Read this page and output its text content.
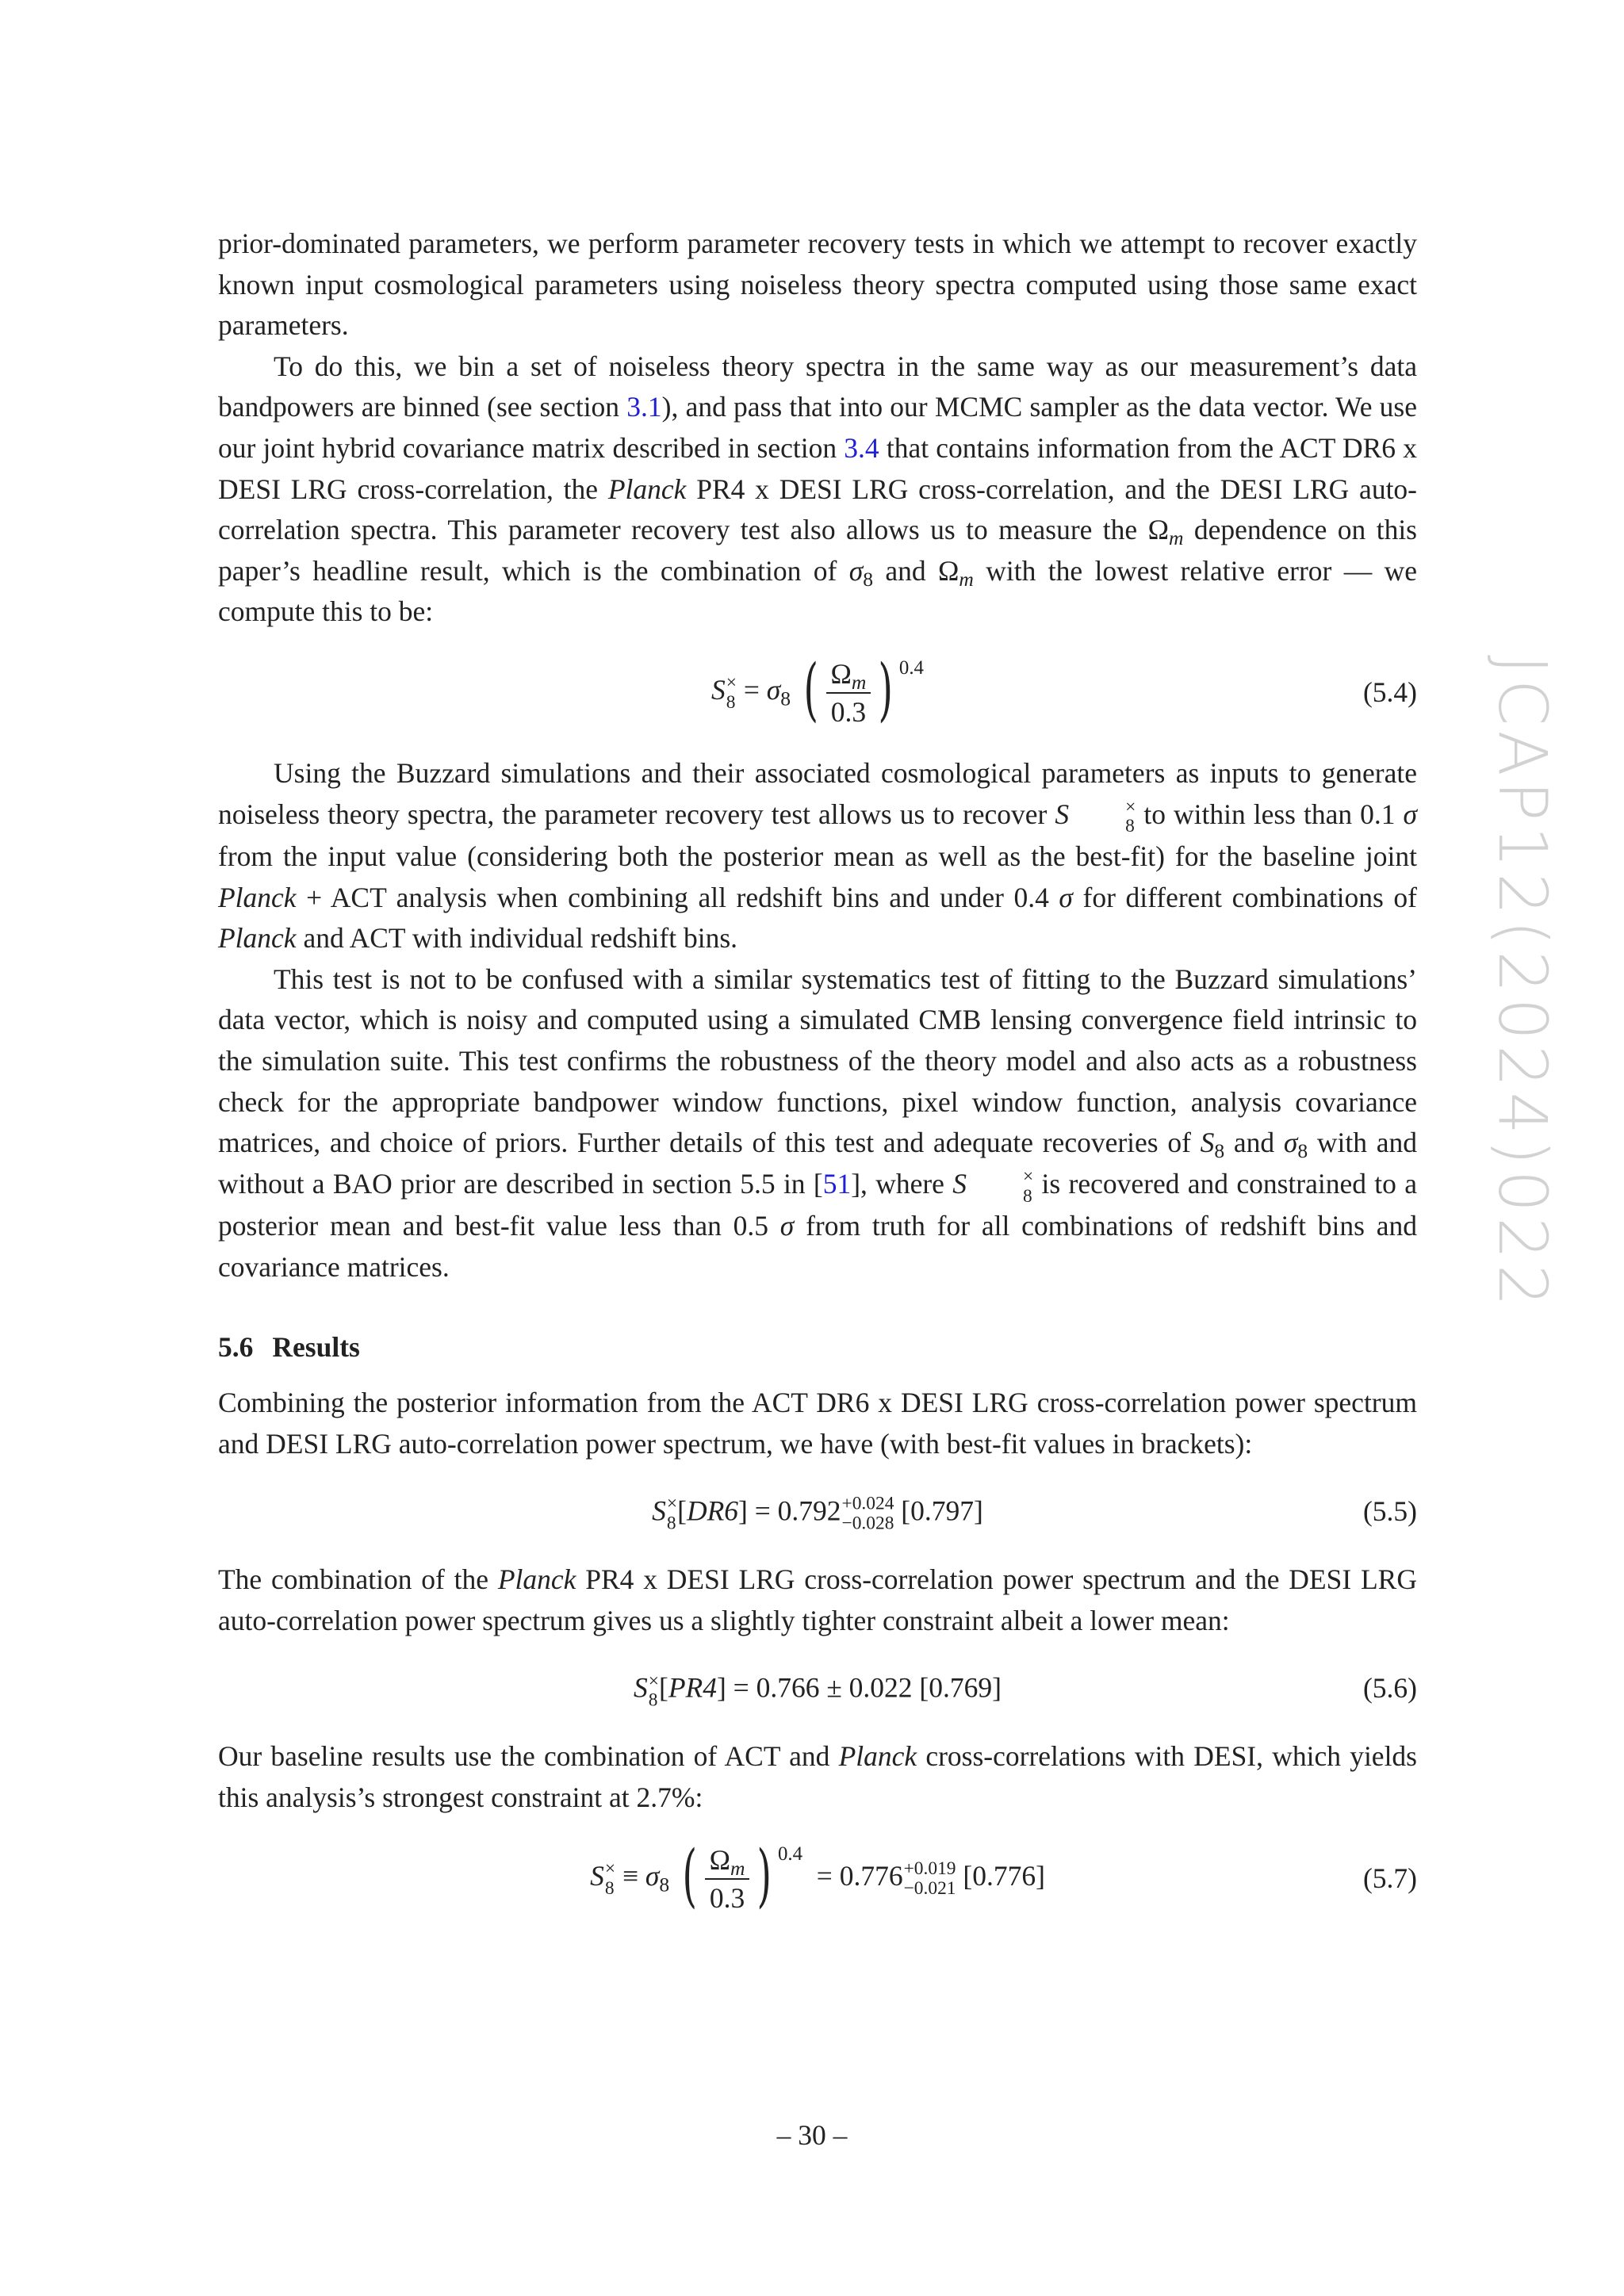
prior-dominated parameters, we perform parameter recovery tests in which we attempt to recover exactly known input cosmological parameters using noiseless theory spectra computed using those same exact parameters.

To do this, we bin a set of noiseless theory spectra in the same way as our measurement’s data bandpowers are binned (see section 3.1), and pass that into our MCMC sampler as the data vector. We use our joint hybrid covariance matrix described in section 3.4 that contains information from the ACT DR6 x DESI LRG cross-correlation, the Planck PR4 x DESI LRG cross-correlation, and the DESI LRG auto-correlation spectra. This parameter recovery test also allows us to measure the $\Omega_m$ dependence on this paper’s headline result, which is the combination of $\sigma_8$ and $\Omega_m$ with the lowest relative error — we compute this to be:

S ×
$8 = \sigma_8$ ( $\frac{\Omega_m}{0.3}$ ) $^{0.4}$
(5.4)

Using the Buzzard simulations and their associated cosmological parameters as inputs to generate noiseless theory spectra, the parameter recovery test allows us to recover S	×
8 to within less than 0.1 σ from the input value (considering both the posterior mean as well as the best-fit) for the baseline joint Planck + ACT analysis when combining all redshift bins and under 0.4 σ for different combinations of Planck and ACT with individual redshift bins.

This test is not to be confused with a similar systematics test of fitting to the Buzzard simulations’ data vector, which is noisy and computed using a simulated CMB lensing convergence field intrinsic to the simulation suite. This test confirms the robustness of the theory model and also acts as a robustness check for the appropriate bandpower window functions, pixel window function, analysis covariance matrices, and choice of priors. Further details of this test and adequate recoveries of $S_8$ and $\sigma_8$ with and without a BAO prior are described in section 5.5 in [51], where S	×
8 is recovered and constrained to a posterior mean and best-fit value less than 0.5 σ from truth for all combinations of redshift bins and covariance matrices.

5.6 Results

Combining the posterior information from the ACT DR6 x DESI LRG cross-correlation power spectrum and DESI LRG auto-correlation power spectrum, we have (with best-fit values in brackets):

S ×
8 [DR6] = 0.792 +0.024
−0.028 [0.797]	(5.5)

The combination of the Planck PR4 x DESI LRG cross-correlation power spectrum and the DESI LRG auto-correlation power spectrum gives us a slightly tighter constraint albeit a lower mean:

S ×
8 [PR4] = 0.766 ± 0.022 [0.769]	(5.6)

Our baseline results use the combination of ACT and Planck cross-correlations with DESI, which yields this analysis’s strongest constraint at 2.7%:

S ×
$8 \equiv \sigma_8$ ( $\frac{\Omega_m}{0.3}$ ) $^{0.4}$  = 0.776 +0.019
−0.021 [0.776]	(5.7)
JCAP12(2024)022
– 30 –
